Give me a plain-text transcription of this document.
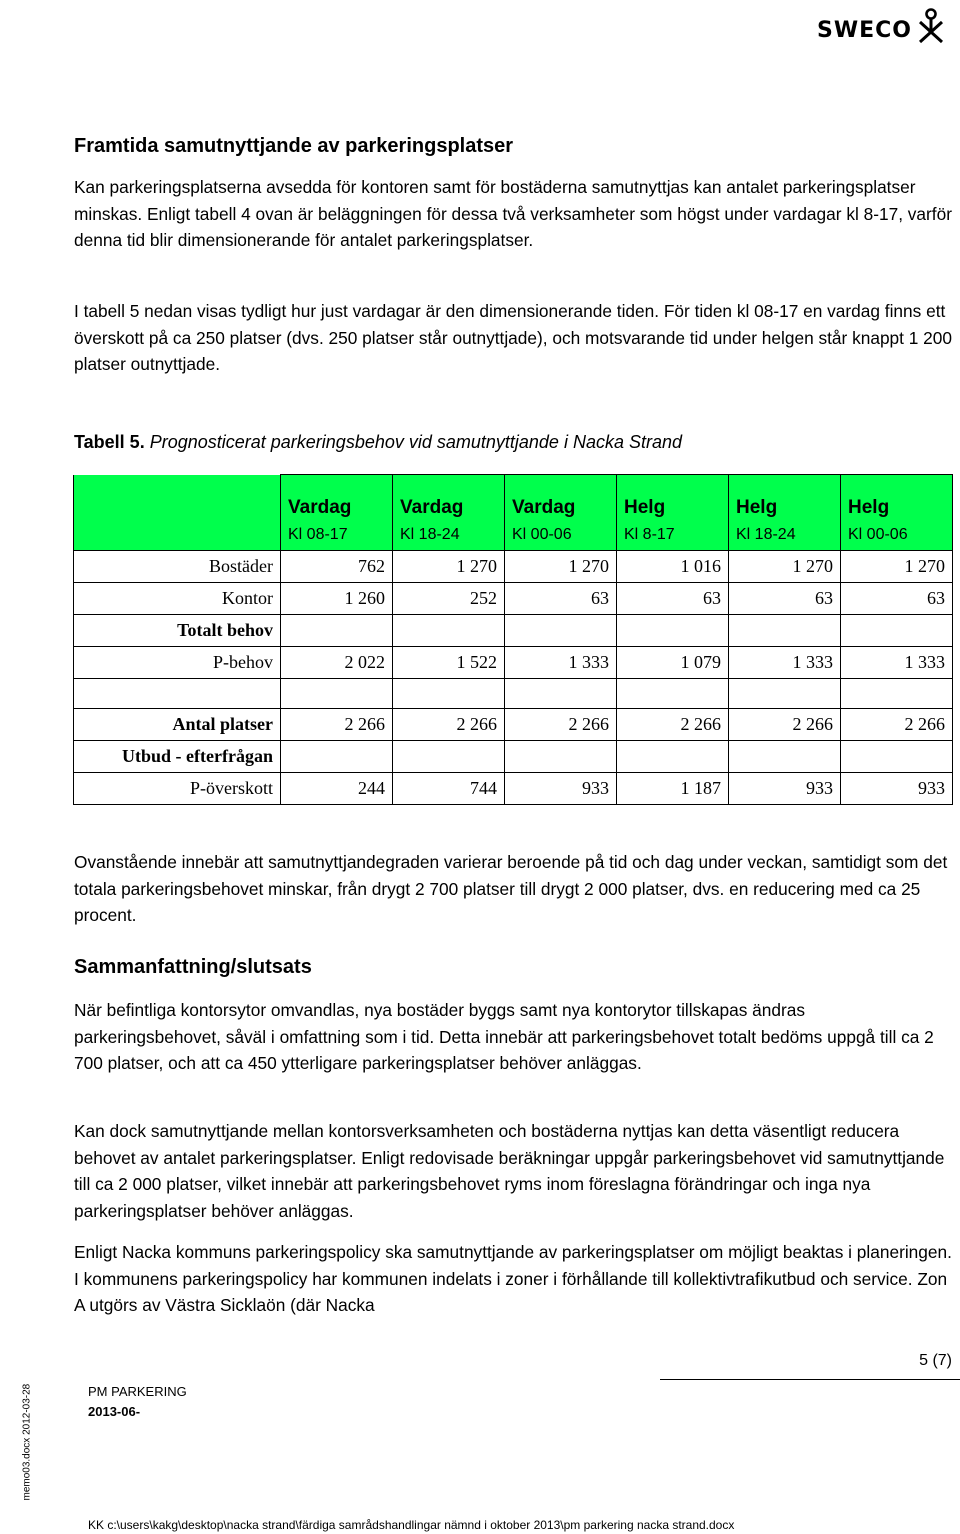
SWECO
Framtida samutnyttjande av parkeringsplatser

Kan parkeringsplatserna avsedda för kontoren samt för bostäderna samutnyttjas kan antalet parkeringsplatser minskas. Enligt tabell 4 ovan är beläggningen för dessa två verksamheter som högst under vardagar kl 8-17, varför denna tid blir dimensionerande för antalet parkeringsplatser.

I tabell 5 nedan visas tydligt hur just vardagar är den dimensionerande tiden. För tiden kl 08-17 en vardag finns ett överskott på ca 250 platser (dvs. 250 platser står outnyttjade), och motsvarande tid under helgen står knappt 1 200 platser outnyttjade.

Tabell 5. Prognosticerat parkeringsbehov vid samutnyttjande i Nacka Strand
	Vardag	Vardag	Vardag	Helg	Helg	Helg
	Kl 08-17	Kl 18-24	Kl 00-06	Kl 8-17	Kl 18-24	Kl 00-06
Bostäder	762	1 270	1 270	1 016	1 270	1 270
Kontor	1 260	252	63	63	63	63
Totalt behov						
P-behov	2 022	1 522	1 333	1 079	1 333	1 333

Antal platser	2 266	2 266	2 266	2 266	2 266	2 266
Utbud - efterfrågan						
P-överskott	244	744	933	1 187	933	933

Ovanstående innebär att samutnyttjandegraden varierar beroende på tid och dag under veckan, samtidigt som det totala parkeringsbehovet minskar, från drygt 2 700 platser till drygt 2 000 platser, dvs. en reducering med ca 25 procent.

Sammanfattning/slutsats

När befintliga kontorsytor omvandlas, nya bostäder byggs samt nya kontorytor tillskapas ändras parkeringsbehovet, såväl i omfattning som i tid. Detta innebär att parkeringsbehovet totalt bedöms uppgå till ca 2 700 platser, och att ca 450 ytterligare parkeringsplatser behöver anläggas.

Kan dock samutnyttjande mellan kontorsverksamheten och bostäderna nyttjas kan detta väsentligt reducera behovet av antalet parkeringsplatser. Enligt redovisade beräkningar uppgår parkeringsbehovet vid samutnyttjande till ca 2 000 platser, vilket innebär att parkeringsbehovet ryms inom föreslagna förändringar och inga nya parkeringsplatser behöver anläggas.

Enligt Nacka kommuns parkeringspolicy ska samutnyttjande av parkeringsplatser om möjligt beaktas i planeringen. I kommunens parkeringspolicy har kommunen indelats i zoner i förhållande till kollektivtrafikutbud och service. Zon A utgörs av Västra Sicklaön (där Nacka

5 (7)
PM PARKERING
2013-06-
memo03.docx 2012-03-28
KK c:\users\kakg\desktop\nacka strand\färdiga samrådshandlingar nämnd i oktober 2013\pm parkering nacka strand.docx
